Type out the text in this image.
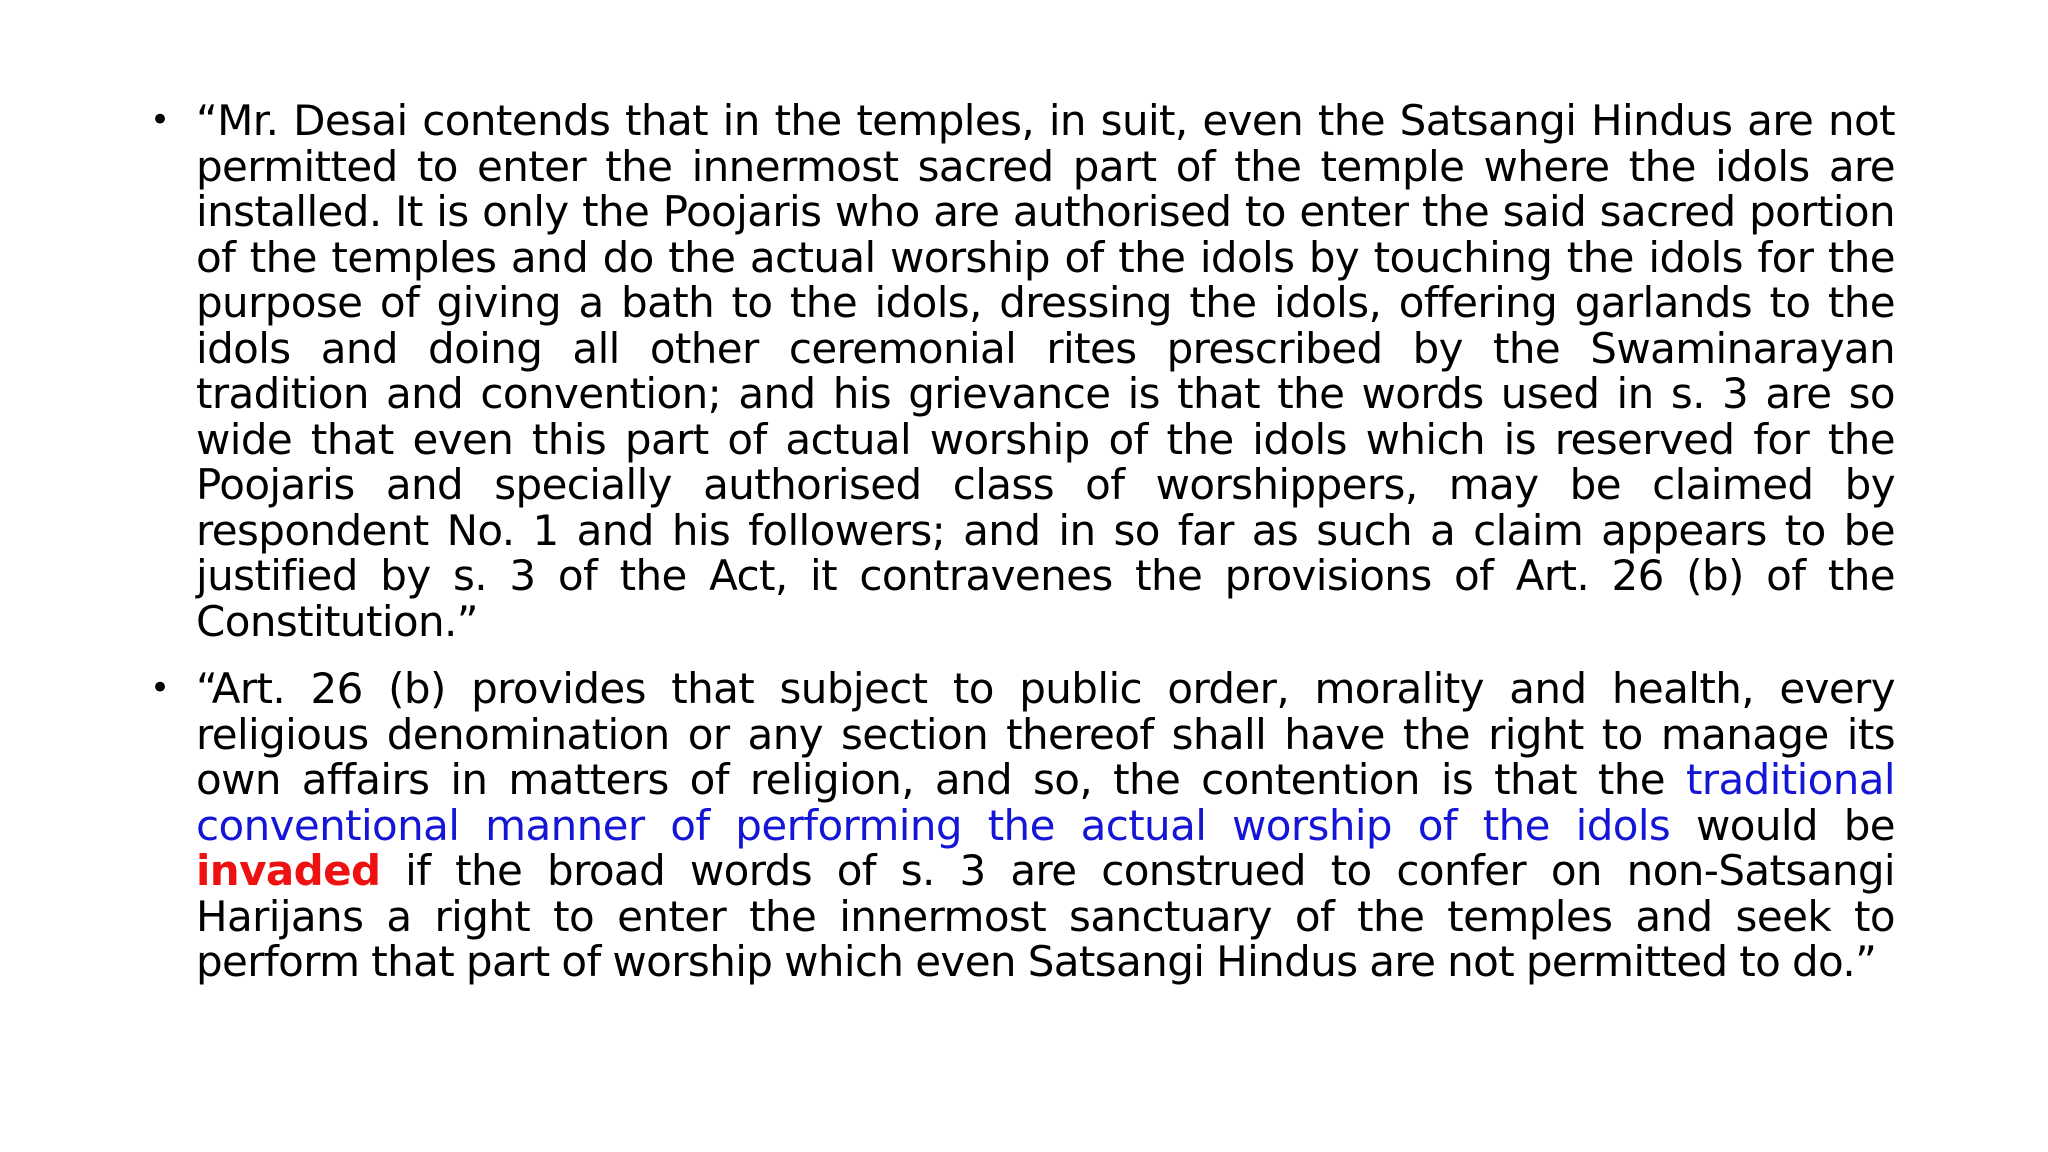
• “Mr. Desai contends that in the temples, in suit, even the Satsangi Hindus are not permitted to enter the innermost sacred part of the temple where the idols are installed. It is only the Poojaris who are authorised to enter the said sacred portion of the temples and do the actual worship of the idols by touching the idols for the purpose of giving a bath to the idols, dressing the idols, offering garlands to the idols and doing all other ceremonial rites prescribed by the Swaminarayan tradition and convention; and his grievance is that the words used in s. 3 are so wide that even this part of actual worship of the idols which is reserved for the Poojaris and specially authorised class of worshippers, may be claimed by respondent No. 1 and his followers; and in so far as such a claim appears to be justified by s. 3 of the Act, it contravenes the provisions of Art. 26 (b) of the Constitution.”
• “Art. 26 (b) provides that subject to public order, morality and health, every religious denomination or any section thereof shall have the right to manage its own affairs in matters of religion, and so, the contention is that the traditional conventional manner of performing the actual worship of the idols would be invaded if the broad words of s. 3 are construed to confer on non-Satsangi Harijans a right to enter the innermost sanctuary of the temples and seek to perform that part of worship which even Satsangi Hindus are not permitted to do.”
